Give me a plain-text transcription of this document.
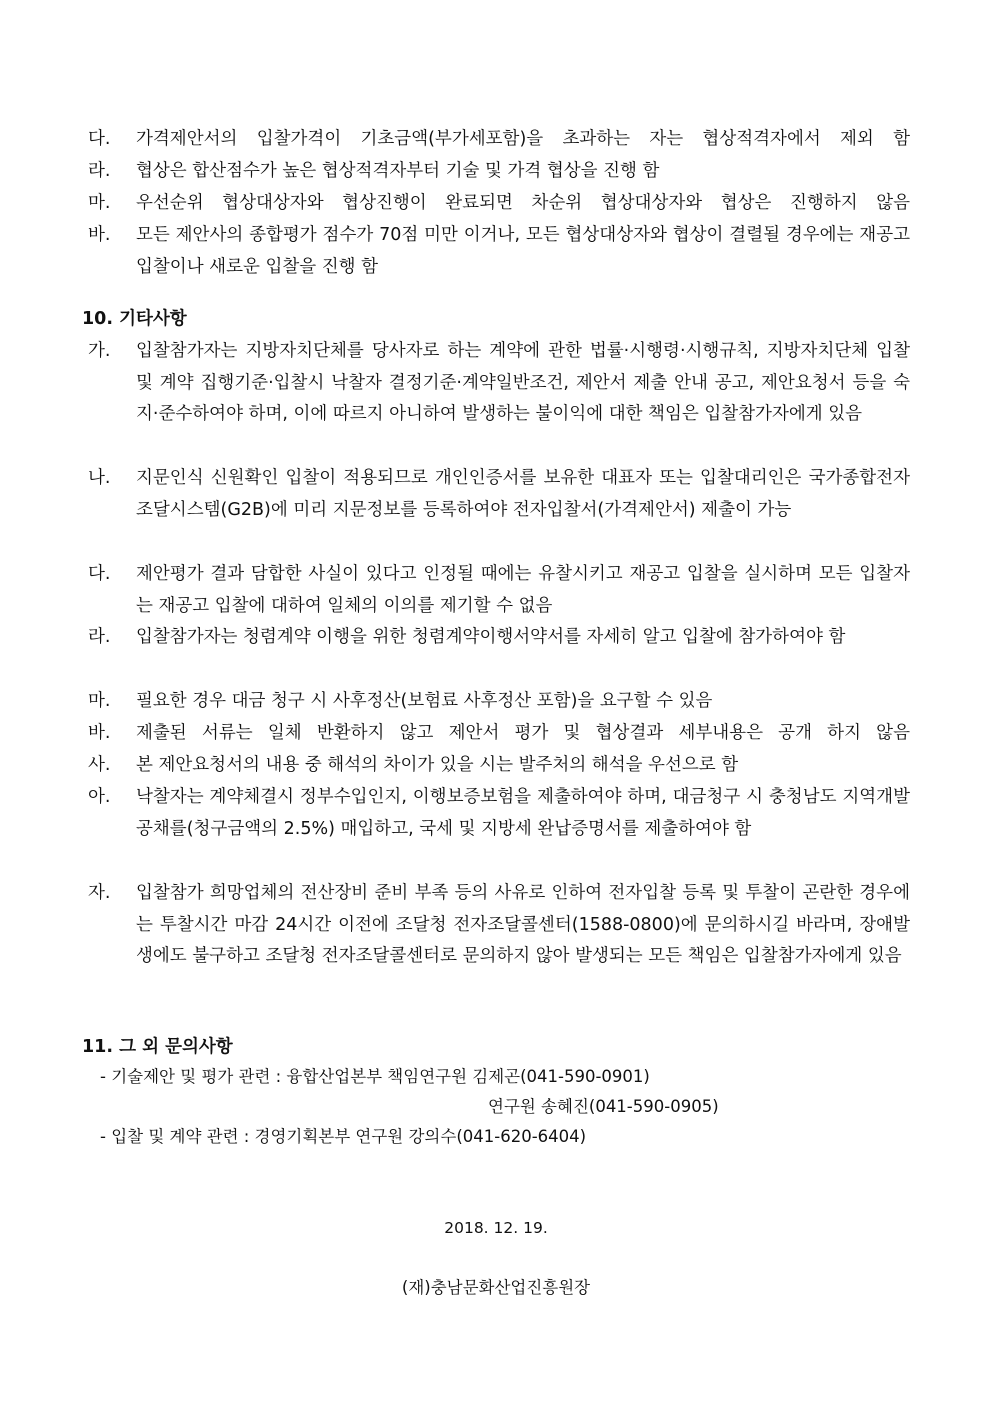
다.	가격제안서의 입찰가격이 기초금액(부가세포함)을 초과하는 자는 협상적격자에서 제외 함
라.	협상은 합산점수가 높은 협상적격자부터 기술 및 가격 협상을 진행 함
마.	우선순위 협상대상자와 협상진행이 완료되면 차순위 협상대상자와 협상은 진행하지 않음
바.	모든 제안사의 종합평가 점수가 70점 미만 이거나, 모든 협상대상자와 협상이 결렬될 경우에는 재공고입찰이나 새로운 입찰을 진행 함
10. 기타사항
가.	입찰참가자는 지방자치단체를 당사자로 하는 계약에 관한 법률·시행령·시행규칙, 지방자치단체 입찰 및 계약 집행기준·입찰시 낙찰자 결정기준·계약일반조건, 제안서 제출 안내 공고, 제안요청서 등을 숙지·준수하여야 하며, 이에 따르지 아니하여 발생하는 불이익에 대한 책임은 입찰참가자에게 있음
나.	지문인식 신원확인 입찰이 적용되므로 개인인증서를 보유한 대표자 또는 입찰대리인은 국가종합전자조달시스템(G2B)에 미리 지문정보를 등록하여야 전자입찰서(가격제안서) 제출이 가능
다.	제안평가 결과 담합한 사실이 있다고 인정될 때에는 유찰시키고 재공고 입찰을 실시하며 모든 입찰자는 재공고 입찰에 대하여 일체의 이의를 제기할 수 없음
라.	입찰참가자는 청렴계약 이행을 위한 청렴계약이행서약서를 자세히 알고 입찰에 참가하여야 함
마.	필요한 경우 대금 청구 시 사후정산(보험료 사후정산 포함)을 요구할 수 있음
바.	제출된 서류는 일체 반환하지 않고 제안서 평가 및 협상결과 세부내용은 공개 하지 않음
사.	본 제안요청서의 내용 중 해석의 차이가 있을 시는 발주처의 해석을 우선으로 함
아.	낙찰자는 계약체결시 정부수입인지, 이행보증보험을 제출하여야 하며, 대금청구 시 충청남도 지역개발공채를(청구금액의 2.5%) 매입하고, 국세 및 지방세 완납증명서를 제출하여야 함
자.	입찰참가 희망업체의 전산장비 준비 부족 등의 사유로 인하여 전자입찰 등록 및 투찰이 곤란한 경우에는 투찰시간 마감 24시간 이전에 조달청 전자조달콜센터(1588-0800)에 문의하시길 바라며, 장애발생에도 불구하고 조달청 전자조달콜센터로 문의하지 않아 발생되는 모든 책임은 입찰참가자에게 있음
11. 그 외 문의사항
- 기술제안 및 평가 관련 : 융합산업본부 책임연구원 김제곤(041-590-0901)
연구원 송혜진(041-590-0905)
- 입찰 및 계약 관련 : 경영기획본부 연구원 강의수(041-620-6404)
2018. 12. 19.
(재)충남문화산업진흥원장
